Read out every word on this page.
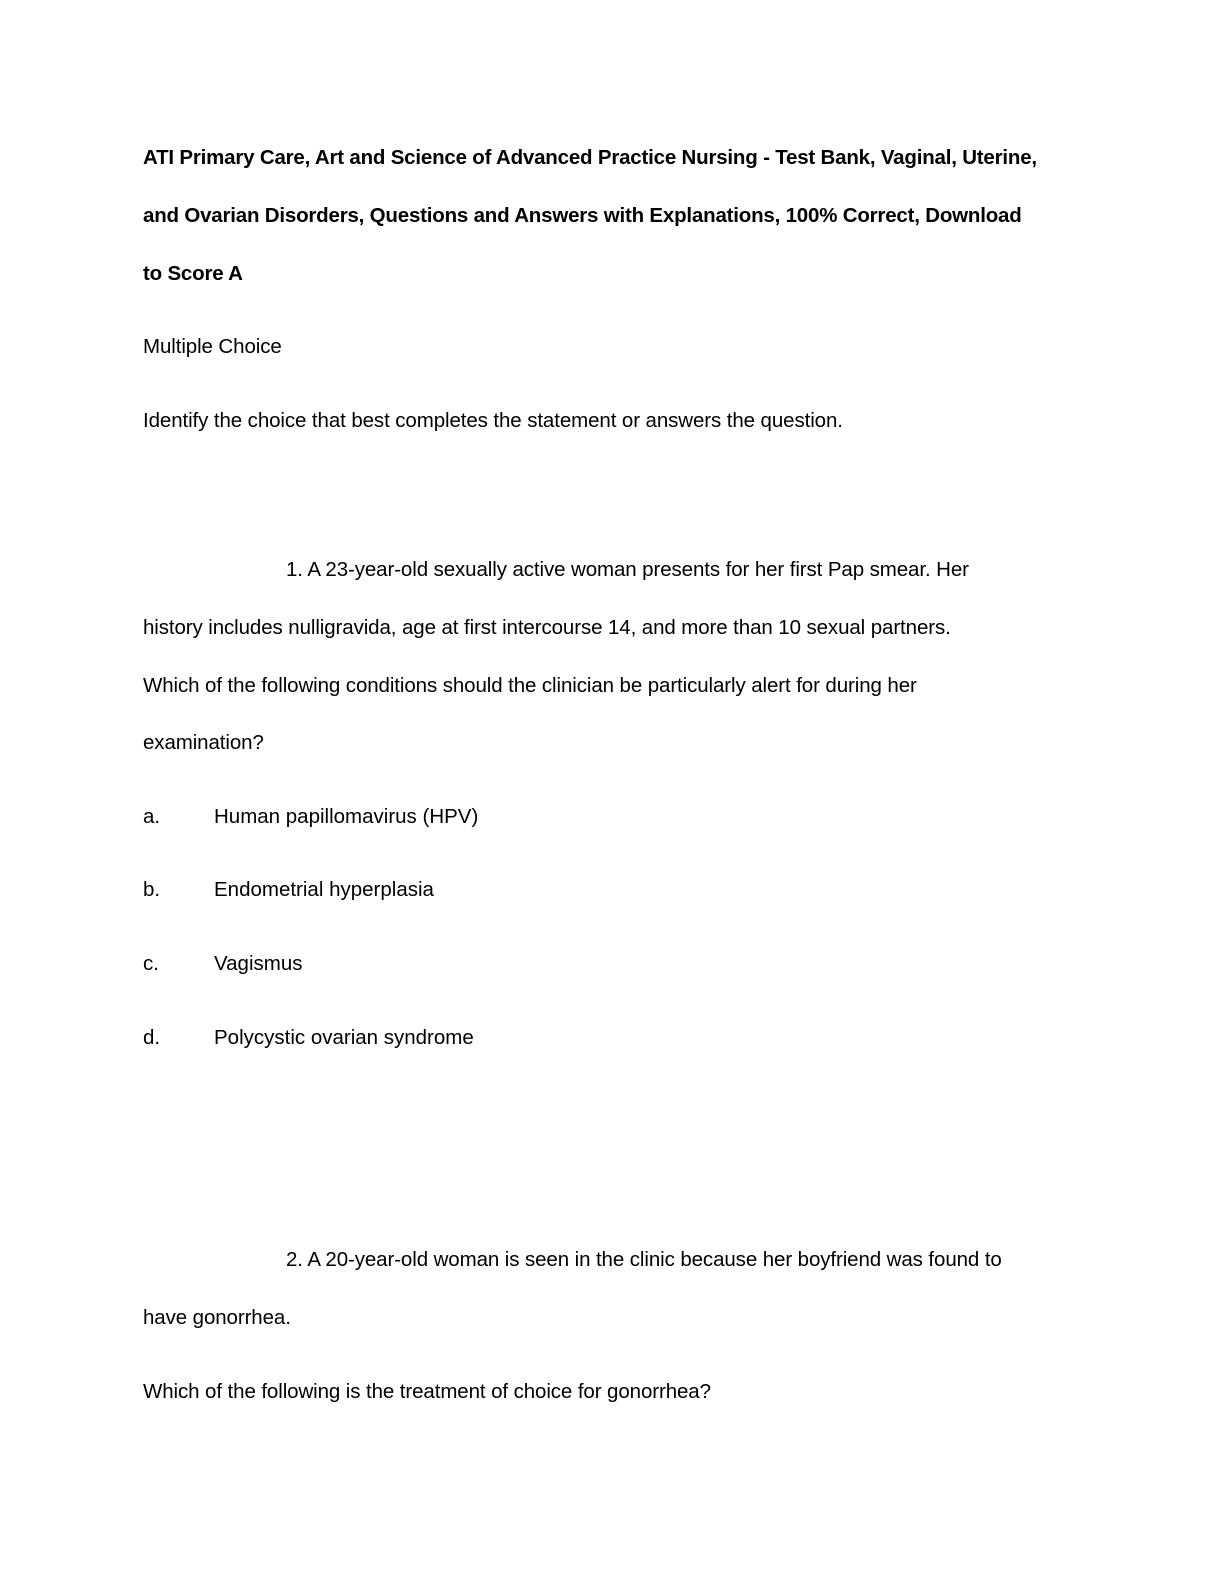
ATI Primary Care, Art and Science of Advanced Practice Nursing - Test Bank, Vaginal, Uterine,
and Ovarian Disorders, Questions and Answers with Explanations, 100% Correct, Download
to Score A
Multiple Choice
Identify the choice that best completes the statement or answers the question.
1. A 23-year-old sexually active woman presents for her first Pap smear. Her
history includes nulligravida, age at first intercourse 14, and more than 10 sexual partners.
Which of the following conditions should the clinician be particularly alert for during her
examination?
a.	Human papillomavirus (HPV)
b.	Endometrial hyperplasia
c.	Vagismus
d.	Polycystic ovarian syndrome
2. A 20-year-old woman is seen in the clinic because her boyfriend was found to
have gonorrhea.
Which of the following is the treatment of choice for gonorrhea?
